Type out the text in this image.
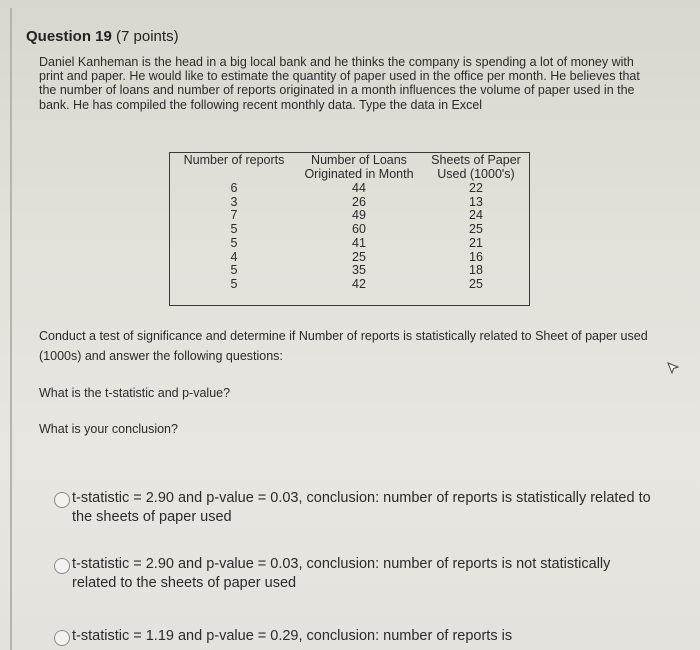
Question 19 (7 points)

Daniel Kanheman is the head in a big local bank and he thinks the company is spending a lot of money with print and paper. He would like to estimate the quantity of paper used in the office per month. He believes that the number of loans and number of reports originated in a month influences the volume of paper used in the bank. He has compiled the following recent monthly data. Type the data in Excel

Number of reports
6
3
7
5
5
4
5
5
Number of Loans
Originated in Month
44
26
49
60
41
25
35
42
Sheets of Paper
Used (1000's)
22
13
24
25
21
16
18
25
Conduct a test of significance and determine if Number of reports is statistically related to Sheet of paper used (1000s) and answer the following questions:
What is the t-statistic and p-value?
What is your conclusion?
t-statistic = 2.90 and p-value = 0.03, conclusion: number of reports is statistically related to the sheets of paper used
t-statistic = 2.90 and p-value = 0.03, conclusion: number of reports is not statistically related to the sheets of paper used
t-statistic = 1.19 and p-value = 0.29, conclusion: number of reports is
